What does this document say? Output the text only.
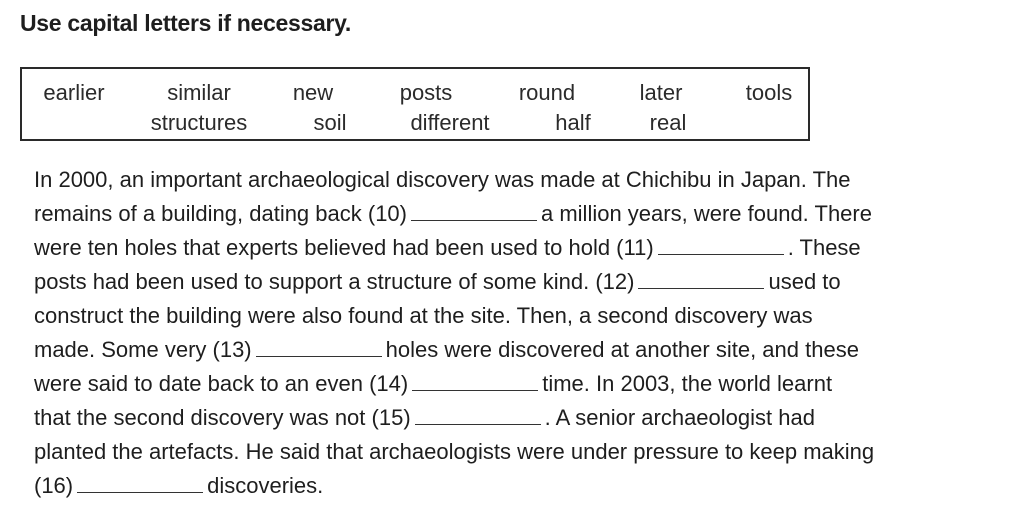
Use capital letters if necessary.
earlier	similar	new	posts	round	later	tools
structures	soil	different	half	real
In 2000, an important archaeological discovery was made at Chichibu in Japan. The
remains of a building, dating back (10)	a million years, were found. There
were ten holes that experts believed had been used to hold (11)	. These
posts had been used to support a structure of some kind. (12)	used to
construct the building were also found at the site. Then, a second discovery was
made. Some very (13)	holes were discovered at another site, and these
were said to date back to an even (14)	time. In 2003, the world learnt
that the second discovery was not (15)	. A senior archaeologist had
planted the artefacts. He said that archaeologists were under pressure to keep making
(16)	discoveries.
